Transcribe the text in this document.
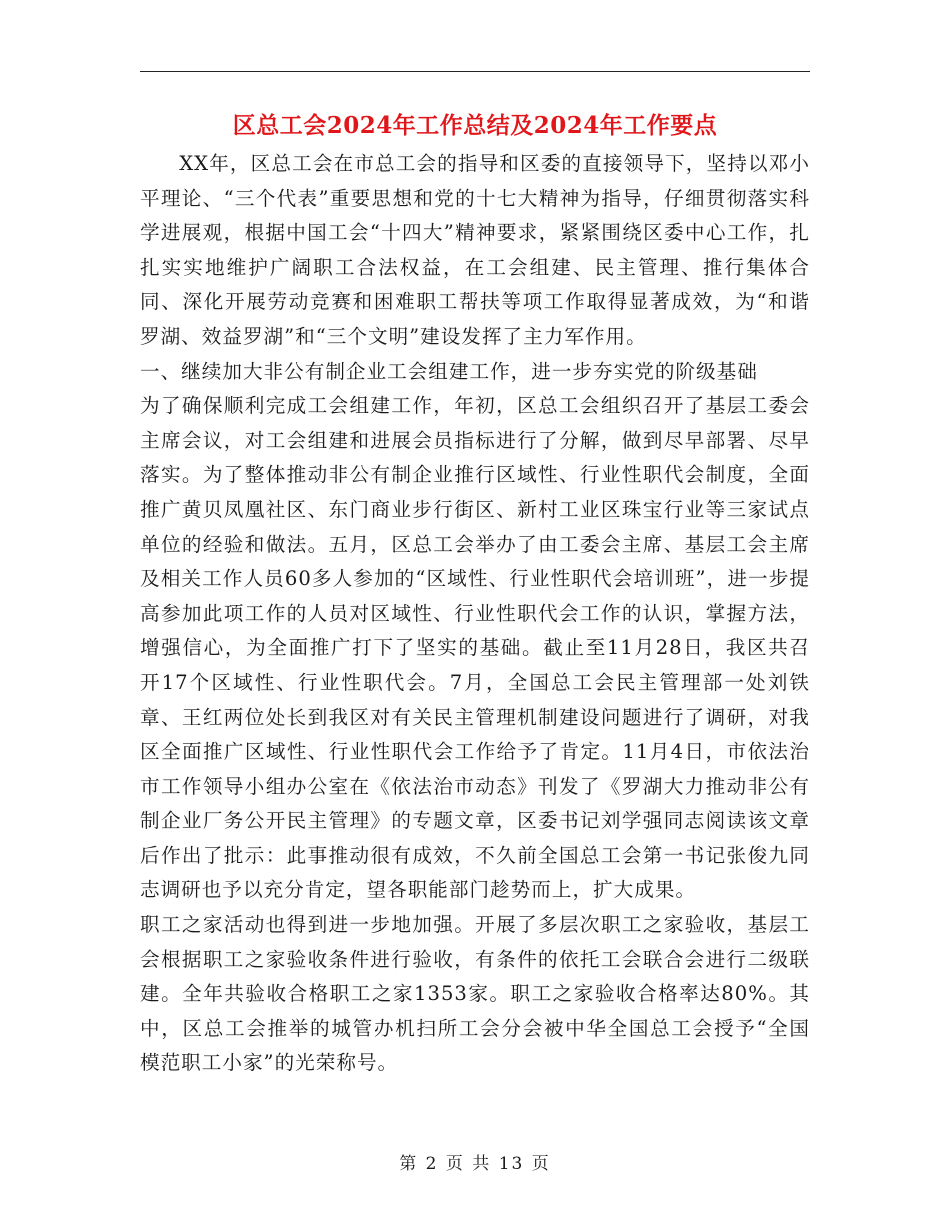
区总工会2024年工作总结及2024年工作要点

XX年，区总工会在市总工会的指导和区委的直接领导下，坚持以邓小平理论、“三个代表”重要思想和党的十七大精神为指导，仔细贯彻落实科学进展观，根据中国工会“十四大”精神要求，紧紧围绕区委中心工作，扎扎实实地维护广阔职工合法权益，在工会组建、民主管理、推行集体合同、深化开展劳动竞赛和困难职工帮扶等项工作取得显著成效，为“和谐罗湖、效益罗湖”和“三个文明”建设发挥了主力军作用。

一、继续加大非公有制企业工会组建工作，进一步夯实党的阶级基础

为了确保顺利完成工会组建工作，年初，区总工会组织召开了基层工委会主席会议，对工会组建和进展会员指标进行了分解，做到尽早部署、尽早落实。为了整体推动非公有制企业推行区域性、行业性职代会制度，全面推广黄贝凤凰社区、东门商业步行街区、新村工业区珠宝行业等三家试点单位的经验和做法。五月，区总工会举办了由工委会主席、基层工会主席及相关工作人员60多人参加的“区域性、行业性职代会培训班”，进一步提高参加此项工作的人员对区域性、行业性职代会工作的认识，掌握方法，增强信心，为全面推广打下了坚实的基础。截止至11月28日，我区共召开17个区域性、行业性职代会。7月，全国总工会民主管理部一处刘铁章、王红两位处长到我区对有关民主管理机制建设问题进行了调研，对我区全面推广区域性、行业性职代会工作给予了肯定。11月4日，市依法治市工作领导小组办公室在《依法治市动态》刊发了《罗湖大力推动非公有制企业厂务公开民主管理》的专题文章，区委书记刘学强同志阅读该文章后作出了批示：此事推动很有成效，不久前全国总工会第一书记张俊九同志调研也予以充分肯定，望各职能部门趁势而上，扩大成果。

职工之家活动也得到进一步地加强。开展了多层次职工之家验收，基层工会根据职工之家验收条件进行验收，有条件的依托工会联合会进行二级联建。全年共验收合格职工之家1353家。职工之家验收合格率达80%。其中，区总工会推举的城管办机扫所工会分会被中华全国总工会授予“全国模范职工小家”的光荣称号。

第 2 页 共 13 页
